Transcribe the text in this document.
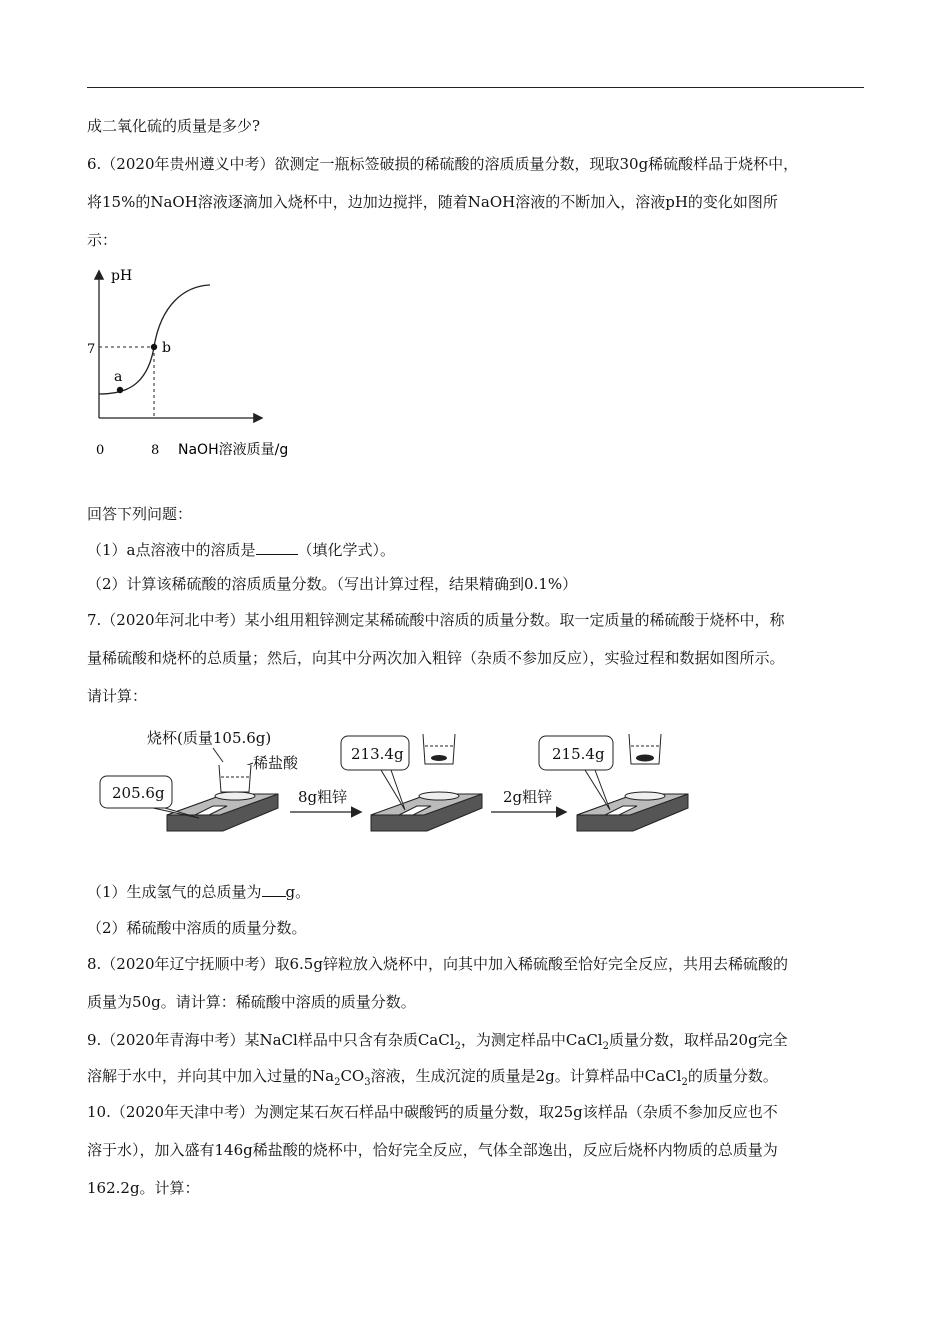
成二氧化硫的质量是多少?
6.（2020年贵州遵义中考）欲测定一瓶标签破损的稀硫酸的溶质质量分数，现取30g稀硫酸样品于烧杯中，
将15%的NaOH溶液逐滴加入烧杯中，边加边搅拌，随着NaOH溶液的不断加入，溶液pH的变化如图所
示：
pH
NaOH溶液质量/g
0	8
7
a
b
回答下列问题：
（1）a点溶液中的溶质是	（填化学式）。
（2）计算该稀硫酸的溶质质量分数。（写出计算过程，结果精确到0.1%）
7.（2020年河北中考）某小组用粗锌测定某稀硫酸中溶质的质量分数。取一定质量的稀硫酸于烧杯中，称
量稀硫酸和烧杯的总质量；然后，向其中分两次加入粗锌（杂质不参加反应），实验过程和数据如图所示。
请计算：
烧杯(质量105.6g)
稀盐酸
205.6g	8g粗锌
213.4g
2g粗锌
215.4g
（1）生成氢气的总质量为 g。
（2）稀硫酸中溶质的质量分数。
8.（2020年辽宁抚顺中考）取6.5g锌粒放入烧杯中，向其中加入稀硫酸至恰好完全反应，共用去稀硫酸的
质量为50g。请计算：稀硫酸中溶质的质量分数。
9.（2020年青海中考）某NaCl样品中只含有杂质CaCl$_2$，为测定样品中CaCl$_2$质量分数，取样品20g完全
溶解于水中，并向其中加入过量的$Na_2CO_3$溶液，生成沉淀的质量是2g。计算样品中CaCl$_2$的质量分数。
10.（2020年天津中考）为测定某石灰石样品中碳酸钙的质量分数，取25g该样品（杂质不参加反应也不
溶于水），加入盛有146g稀盐酸的烧杯中，恰好完全反应，气体全部逸出，反应后烧杯内物质的总质量为
162.2g。计算：
